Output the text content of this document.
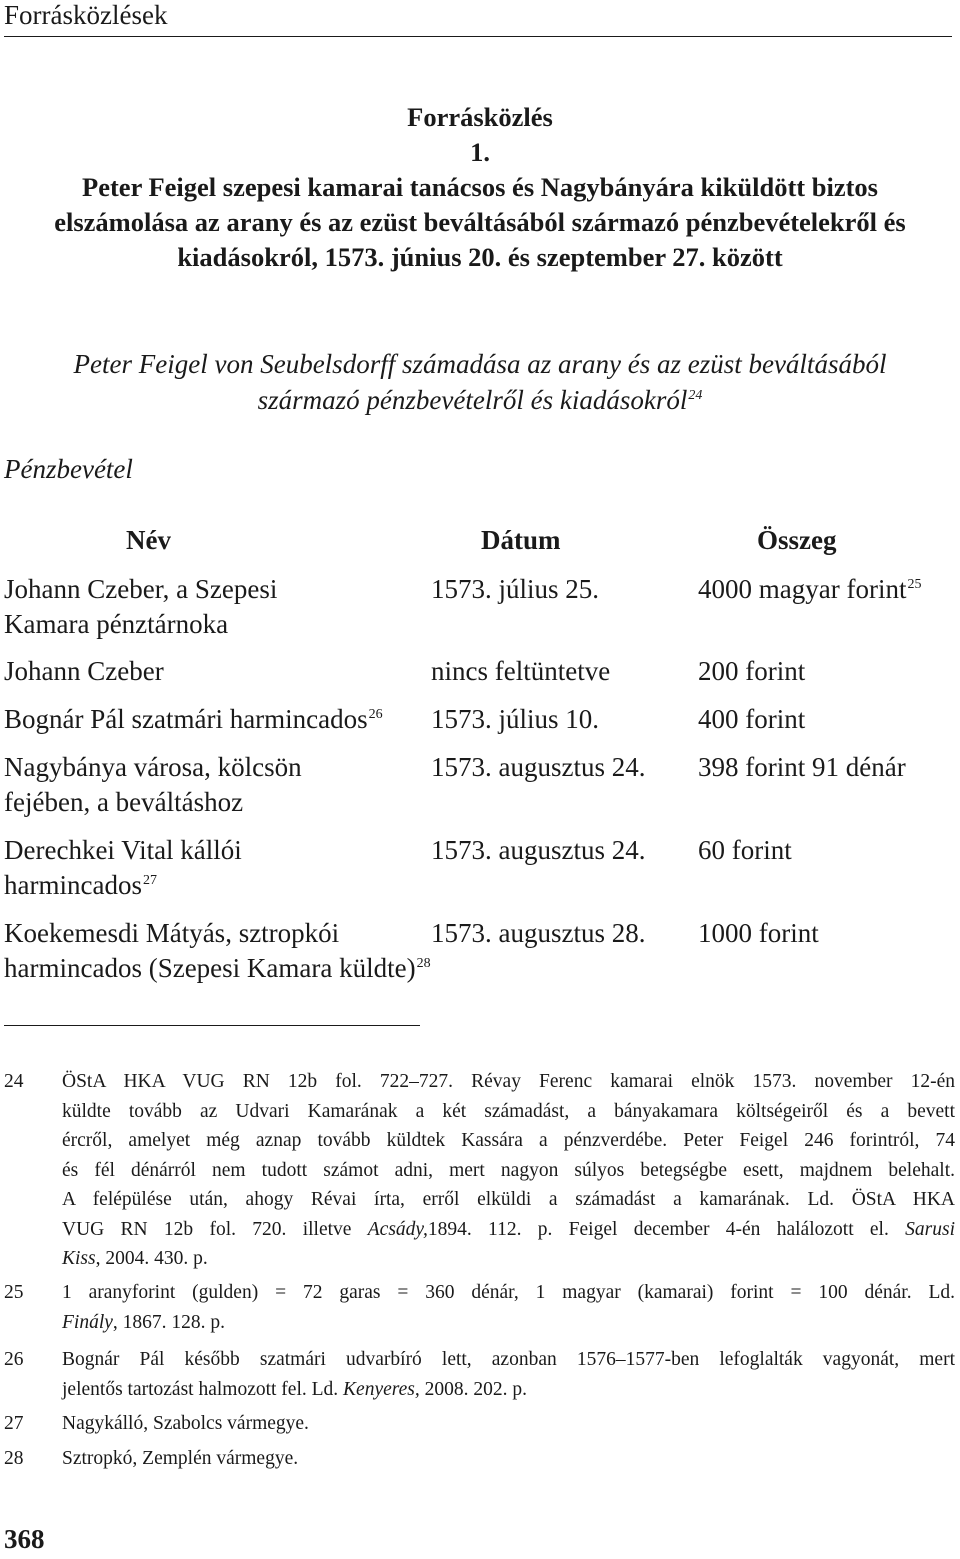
Forrásközlések
Forrásközlés
1.
Peter Feigel szepesi kamarai tanácsos és Nagybányára kiküldött biztos
elszámolása az arany és az ezüst beváltásából származó pénzbevételekről és
kiadásokról, 1573. június 20. és szeptember 27. között
Peter Feigel von Seubelsdorff számadása az arany és az ezüst beváltásából
származó pénzbevételről és kiadásokról$^{24}$
Pénzbevétel
Név	Dátum	Összeg
Johann Czeber, a Szepesi
Kamara pénztárnoka
1573. július 25.	4000 magyar forint$^{25}$
Johann Czeber	nincs feltüntetve	200 forint
Bognár Pál szatmári harmincados$^{26}$ 1573. július 10.	400 forint
Nagybánya városa, kölcsön
fejében, a beváltáshoz
1573. augusztus 24. 398 forint 91 dénár
Derechkei Vital kállói
harmincados$^{27}$
1573. augusztus 24. 60 forint
Koekemesdi Mátyás, sztropkói
harmincados (Szepesi Kamara küldte)$^{28}$
1573. augusztus 28. 1000 forint
24 ÖStA HKA VUG RN 12b fol. 722–727. Révay Ferenc kamarai elnök 1573. november 12-én
küldte tovább az Udvari Kamarának a két számadást, a bányakamara költségeiről és a bevett
ércről, amelyet még aznap tovább küldtek Kassára a pénzverdébe. Peter Feigel 246 forintról, 74
és fél dénárról nem tudott számot adni, mert nagyon súlyos betegségbe esett, majdnem belehalt.
A felépülése után, ahogy Révai írta, erről elküldi a számadást a kamarának. Ld. ÖStA HKA
VUG RN 12b fol. 720. illetve Acsády,1894. 112. p. Feigel december 4-én halálozott el. Sarusi
Kiss, 2004. 430. p.
25 1 aranyforint (gulden) = 72 garas = 360 dénár, 1 magyar (kamarai) forint = 100 dénár. Ld.
Finály, 1867. 128. p.
26 Bognár Pál később szatmári udvarbíró lett, azonban 1576–1577-ben lefoglalták vagyonát, mert
jelentős tartozást halmozott fel. Ld. Kenyeres, 2008. 202. p.
27 Nagykálló, Szabolcs vármegye.
28 Sztropkó, Zemplén vármegye.
368
